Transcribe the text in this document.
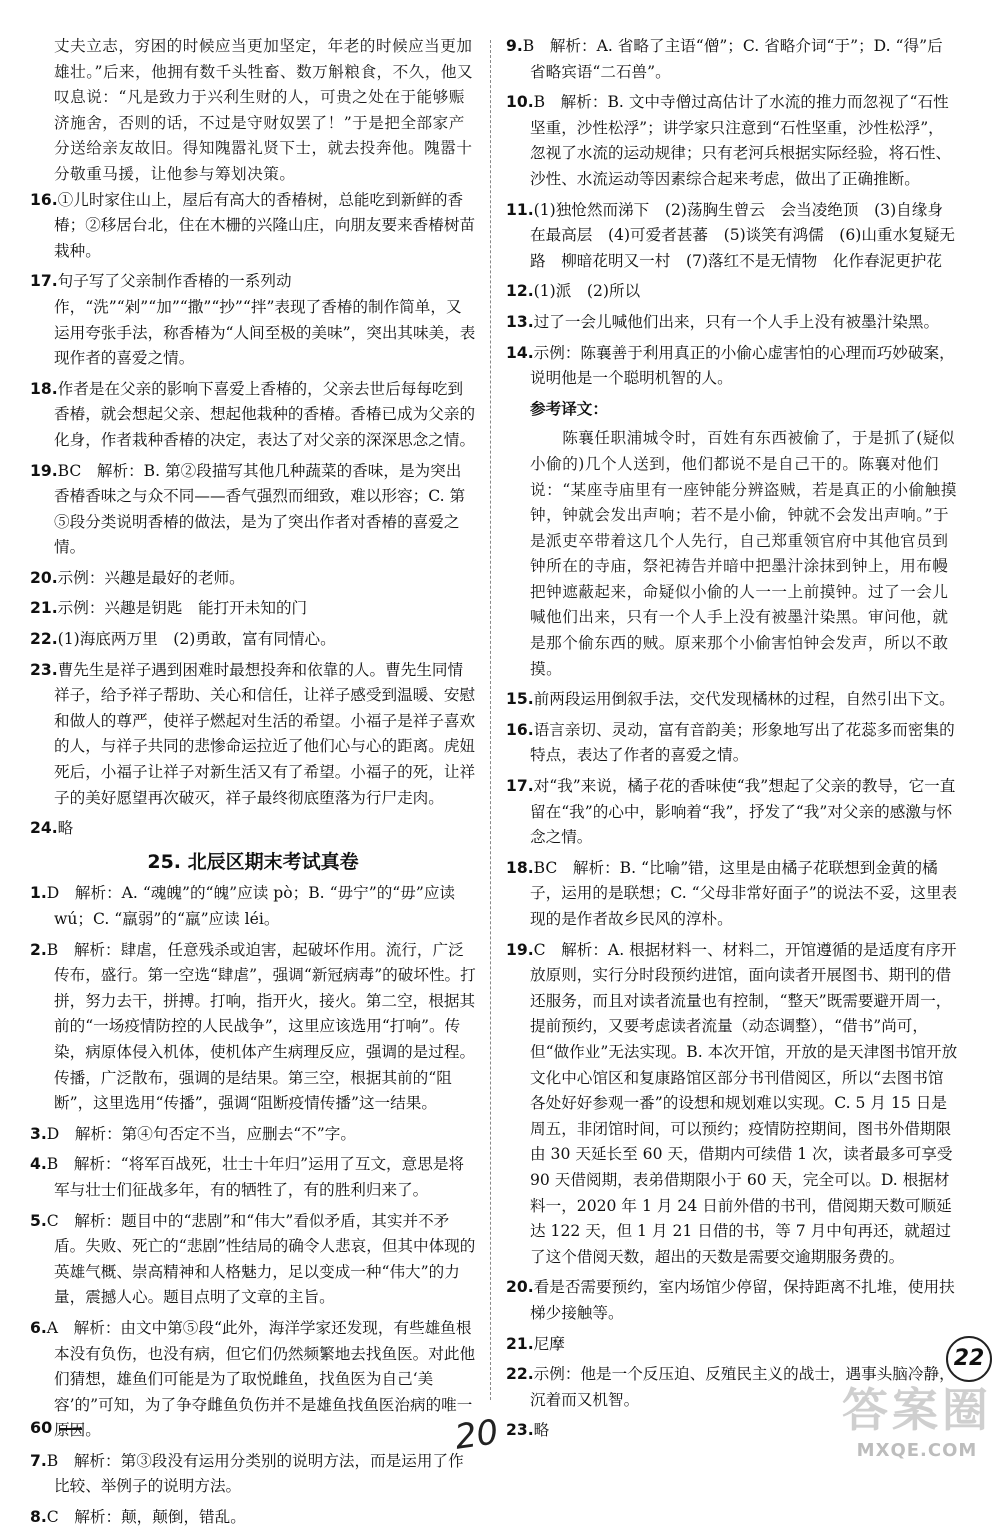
丈夫立志，穷困的时候应当更加坚定，年老的时候应当更加雄壮。”后来，他拥有数千头牲畜、数万斛粮食，不久，他又叹息说：“凡是致力于兴利生财的人，可贵之处在于能够赈济施舍，否则的话，不过是守财奴罢了！”于是把全部家产分送给亲友故旧。得知隗嚣礼贤下士，就去投奔他。隗嚣十分敬重马援，让他参与筹划决策。

16.①儿时家住山上，屋后有高大的香椿树，总能吃到新鲜的香椿；②移居台北，住在木栅的兴隆山庄，向朋友要来香椿树苗栽种。

17.句子写了父亲制作香椿的一系列动作，“洗”“剁”“加”“撒”“抄”“拌”表现了香椿的制作简单，又运用夸张手法，称香椿为“人间至极的美味”，突出其味美，表现作者的喜爱之情。

18.作者是在父亲的影响下喜爱上香椿的，父亲去世后每每吃到香椿，就会想起父亲、想起他栽种的香椿。香椿已成为父亲的化身，作者栽种香椿的决定，表达了对父亲的深深思念之情。

19.BC　解析：B. 第②段描写其他几种蔬菜的香味，是为突出香椿香味之与众不同——香气强烈而细致，难以形容；C. 第⑤段分类说明香椿的做法，是为了突出作者对香椿的喜爱之情。

20.示例：兴趣是最好的老师。

21.示例：兴趣是钥匙　能打开未知的门

22.(1)海底两万里　(2)勇敢，富有同情心。

23.曹先生是祥子遇到困难时最想投奔和依靠的人。曹先生同情祥子，给予祥子帮助、关心和信任，让祥子感受到温暖、安慰和做人的尊严，使祥子燃起对生活的希望。小福子是祥子喜欢的人，与祥子共同的悲惨命运拉近了他们心与心的距离。虎妞死后，小福子让祥子对新生活又有了希望。小福子的死，让祥子的美好愿望再次破灭，祥子最终彻底堕落为行尸走肉。

24.略

25. 北辰区期末考试真卷

1.D　解析：A. “魂魄”的“魄”应读 pò；B. “毋宁”的“毋”应读 wú；C. “羸弱”的“羸”应读 léi。

2.B　解析：肆虐，任意残杀或迫害，起破坏作用。流行，广泛传布，盛行。第一空选“肆虐”，强调“新冠病毒”的破坏性。打拼，努力去干，拼搏。打响，指开火，接火。第二空，根据其前的“一场疫情防控的人民战争”，这里应该选用“打响”。传染，病原体侵入机体，使机体产生病理反应，强调的是过程。传播，广泛散布，强调的是结果。第三空，根据其前的“阻断”，这里选用“传播”，强调“阻断疫情传播”这一结果。

3.D　解析：第④句否定不当，应删去“不”字。

4.B　解析：“将军百战死，壮士十年归”运用了互文，意思是将军与壮士们征战多年，有的牺牲了，有的胜利归来了。

5.C　解析：题目中的“悲剧”和“伟大”看似矛盾，其实并不矛盾。失败、死亡的“悲剧”性结局的确令人悲哀，但其中体现的英雄气概、崇高精神和人格魅力，足以变成一种“伟大”的力量，震撼人心。题目点明了文章的主旨。

6.A　解析：由文中第⑤段“此外，海洋学家还发现，有些雄鱼根本没有负伤，也没有病，但它们仍然频繁地去找鱼医。对此他们猜想，雄鱼们可能是为了取悦雌鱼，找鱼医为自己‘美容’的”可知，为了争夺雌鱼负伤并不是雄鱼找鱼医治病的唯一原因。

7.B　解析：第③段没有运用分类别的说明方法，而是运用了作比较、举例子的说明方法。

8.C　解析：颠，颠倒，错乱。

9.B　解析：A. 省略了主语“僧”；C. 省略介词“于”；D. “得”后省略宾语“二石兽”。

10.B　解析：B. 文中寺僧过高估计了水流的推力而忽视了“石性坚重，沙性松浮”；讲学家只注意到“石性坚重，沙性松浮”，忽视了水流的运动规律；只有老河兵根据实际经验，将石性、沙性、水流运动等因素综合起来考虑，做出了正确推断。

11.(1)独怆然而涕下　(2)荡胸生曾云　会当凌绝顶　(3)自缘身在最高层　(4)可爱者甚蕃　(5)谈笑有鸿儒　(6)山重水复疑无路　柳暗花明又一村　(7)落红不是无情物　化作春泥更护花

12.(1)派　(2)所以

13.过了一会儿喊他们出来，只有一个人手上没有被墨汁染黑。

14.示例：陈襄善于利用真正的小偷心虚害怕的心理而巧妙破案，说明他是一个聪明机智的人。

参考译文：
　　陈襄任职浦城令时，百姓有东西被偷了，于是抓了(疑似小偷的)几个人送到，他们都说不是自己干的。陈襄对他们说：“某座寺庙里有一座钟能分辨盗贼，若是真正的小偷触摸钟，钟就会发出声响；若不是小偷，钟就不会发出声响。”于是派吏卒带着这几个人先行，自己郑重领官府中其他官员到钟所在的寺庙，祭祀祷告并暗中把墨汁涂抹到钟上，用布幔把钟遮蔽起来，命疑似小偷的人一一上前摸钟。过了一会儿喊他们出来，只有一个人手上没有被墨汁染黑。审问他，就是那个偷东西的贼。原来那个小偷害怕钟会发声，所以不敢摸。

15.前两段运用倒叙手法，交代发现橘林的过程，自然引出下文。

16.语言亲切、灵动，富有音韵美；形象地写出了花蕊多而密集的特点，表达了作者的喜爱之情。

17.对“我”来说，橘子花的香味使“我”想起了父亲的教导，它一直留在“我”的心中，影响着“我”，抒发了“我”对父亲的感激与怀念之情。

18.BC　解析：B. “比喻”错，这里是由橘子花联想到金黄的橘子，运用的是联想；C. “父母非常好面子”的说法不妥，这里表现的是作者故乡民风的淳朴。

19.C　解析：A. 根据材料一、材料二，开馆遵循的是适度有序开放原则，实行分时段预约进馆，面向读者开展图书、期刊的借还服务，而且对读者流量也有控制，“整天”既需要避开周一，提前预约，又要考虑读者流量（动态调整），“借书”尚可，但“做作业”无法实现。B. 本次开馆，开放的是天津图书馆开放文化中心馆区和复康路馆区部分书刊借阅区，所以“去图书馆各处好好参观一番”的设想和规划难以实现。C. 5 月 15 日是周五，非闭馆时间，可以预约；疫情防控期间，图书外借期限由 30 天延长至 60 天，借期内可续借 1 次，读者最多可享受 90 天借阅期，表弟借期限小于 60 天，完全可以。D. 根据材料一，2020 年 1 月 24 日前外借的书刊，借阅期天数可顺延达 122 天，但 1 月 21 日借的书，等 7 月中旬再还，就超过了这个借阅天数，超出的天数是需要交逾期服务费的。

20.看是否需要预约，室内场馆少停留，保持距离不扎堆，使用扶梯少接触等。

21.尼摩

22.示例：他是一个反压迫、反殖民主义的战士，遇事头脑冷静，沉着而又机智。

23.略

60	20
22
答案圈
MXQE.COM
